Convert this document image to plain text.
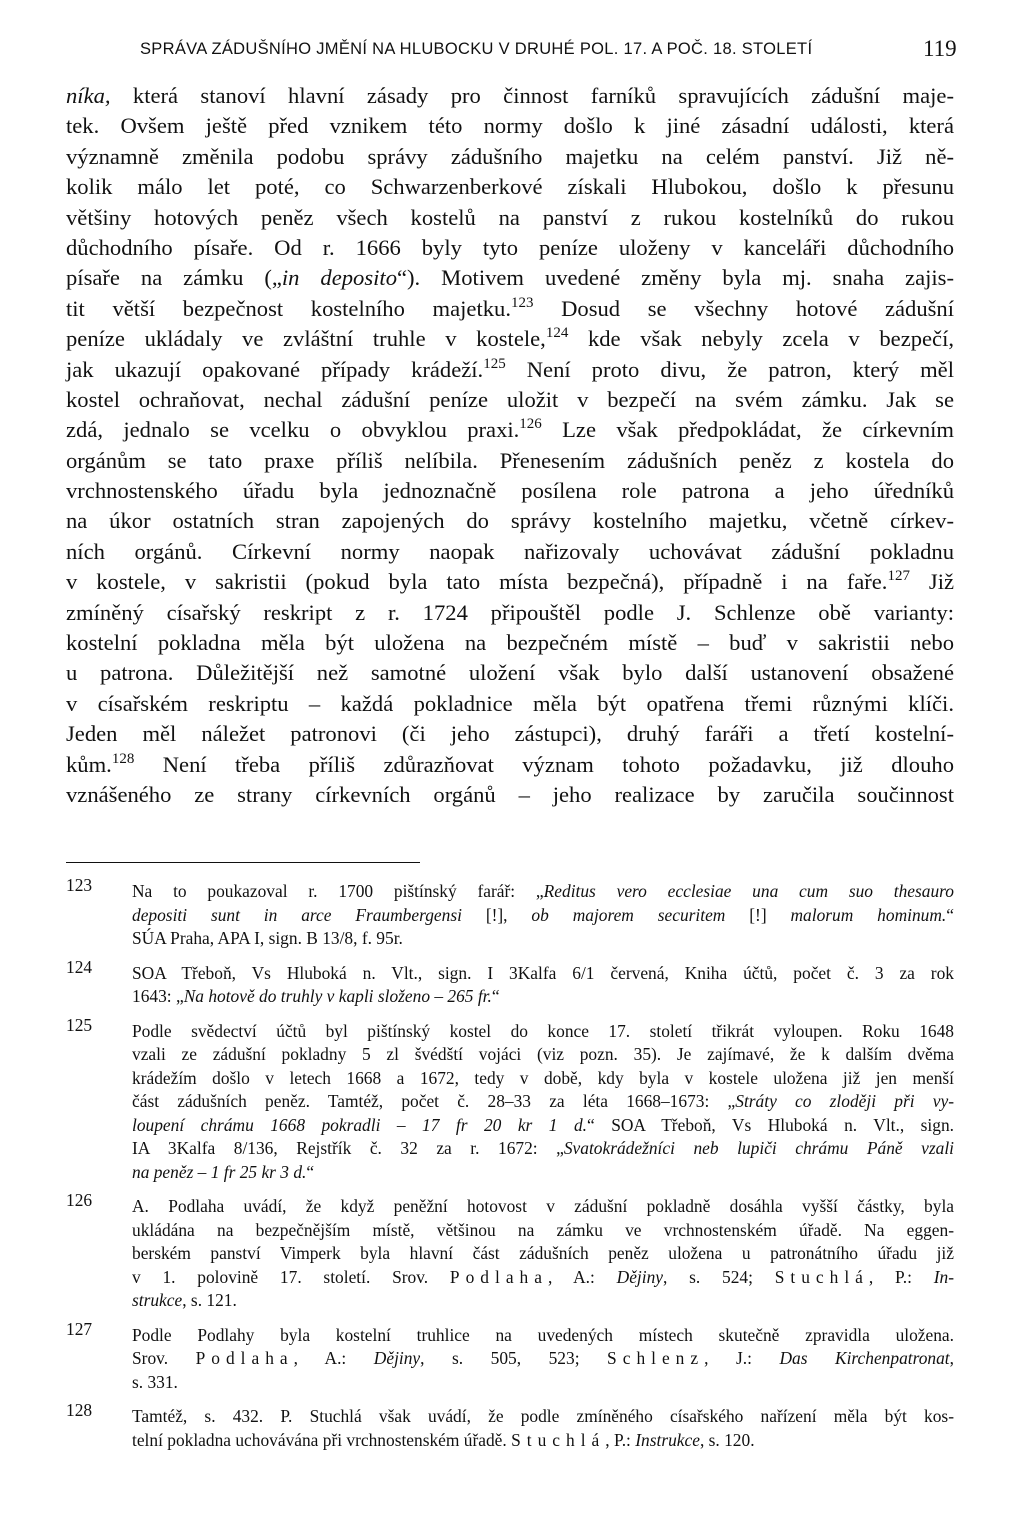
SPRÁVA ZÁDUŠNÍHO JMĚNÍ NA HLUBOCKU V DRUHÉ POL. 17. A POČ. 18. STOLETÍ	119
níka, která stanoví hlavní zásady pro činnost farníků spravujících zádušní maje-
tek. Ovšem ještě před vznikem této normy došlo k jiné zásadní události, která
významně změnila podobu správy zádušního majetku na celém panství. Již ně-
kolik málo let poté, co Schwarzenberkové získali Hlubokou, došlo k přesunu
většiny hotových peněz všech kostelů na panství z rukou kostelníků do rukou
důchodního písaře. Od r. 1666 byly tyto peníze uloženy v kanceláři důchodního
písaře na zámku („in deposito“). Motivem uvedené změny byla mj. snaha zajis-
tit větší bezpečnost kostelního majetku.$^{123}$ Dosud se všechny hotové zádušní
peníze ukládaly ve zvláštní truhle v kostele,$^{124}$ kde však nebyly zcela v bezpečí,
jak ukazují opakované případy krádeží.$^{125}$ Není proto divu, že patron, který měl
kostel ochraňovat, nechal zádušní peníze uložit v bezpečí na svém zámku. Jak se
zdá, jednalo se vcelku o obvyklou praxi.$^{126}$ Lze však předpokládat, že církevním
orgánům se tato praxe příliš nelíbila. Přenesením zádušních peněz z kostela do
vrchnostenského úřadu byla jednoznačně posílena role patrona a jeho úředníků
na úkor ostatních stran zapojených do správy kostelního majetku, včetně církev-
ních orgánů. Církevní normy naopak nařizovaly uchovávat zádušní pokladnu
v kostele, v sakristii (pokud byla tato místa bezpečná), případně i na faře.$^{127}$ Již
zmíněný císařský reskript z r. 1724 připouštěl podle J. Schlenze obě varianty:
kostelní pokladna měla být uložena na bezpečném místě – buď v sakristii nebo
u patrona. Důležitější než samotné uložení však bylo další ustanovení obsažené
v císařském reskriptu – každá pokladnice měla být opatřena třemi různými klíči.
Jeden měl náležet patronovi (či jeho zástupci), druhý faráři a třetí kostelní-
kům.$^{128}$ Není třeba příliš zdůrazňovat význam tohoto požadavku, již dlouho
vznášeného ze strany církevních orgánů – jeho realizace by zaručila součinnost
123 Na to poukazoval r. 1700 pištínský farář: „Reditus vero ecclesiae una cum suo thesauro
depositi sunt in arce Fraumbergensi [!], ob majorem securitem [!] malorum hominum.“
SÚA Praha, APA I, sign. B 13/8, f. 95r.
124 SOA Třeboň, Vs Hluboká n. Vlt., sign. I 3Kalfa 6/1 červená, Kniha účtů, počet č. 3 za rok
1643: „Na hotově do truhly v kapli složeno – 265 fr.“
125 Podle svědectví účtů byl pištínský kostel do konce 17. století třikrát vyloupen. Roku 1648
vzali ze zádušní pokladny 5 zl švédští vojáci (viz pozn. 35). Je zajímavé, že k dalším dvěma
krádežím došlo v letech 1668 a 1672, tedy v době, kdy byla v kostele uložena již jen menší
část zádušních peněz. Tamtéž, počet č. 28–33 za léta 1668–1673: „Stráty co zloději při vy-
loupení chrámu 1668 pokradli – 17 fr 20 kr 1 d.“ SOA Třeboň, Vs Hluboká n. Vlt., sign.
IA 3Kalfa 8/136, Rejstřík č. 32 za r. 1672: „Svatokrádežníci neb lupiči chrámu Páně vzali
na peněz – 1 fr 25 kr 3 d.“
126 A. Podlaha uvádí, že když peněžní hotovost v zádušní pokladně dosáhla vyšší částky, byla
ukládána na bezpečnějším místě, většinou na zámku ve vrchnostenském úřadě. Na eggen-
berském panství Vimperk byla hlavní část zádušních peněz uložena u patronátního úřadu již
v 1. polovině 17. století. Srov. Podlaha, A.: Dějiny, s. 524; Stuchlá, P.: In-
strukce, s. 121.
127 Podle Podlahy byla kostelní truhlice na uvedených místech skutečně zpravidla uložena.
Srov. Podlaha, A.: Dějiny, s. 505, 523; Schlenz, J.: Das Kirchenpatronat,
s. 331.
128 Tamtéž, s. 432. P. Stuchlá však uvádí, že podle zmíněného císařského nařízení měla být kos-
telní pokladna uchovávána při vrchnostenském úřadě. Stuchlá, P.: Instrukce, s. 120.
